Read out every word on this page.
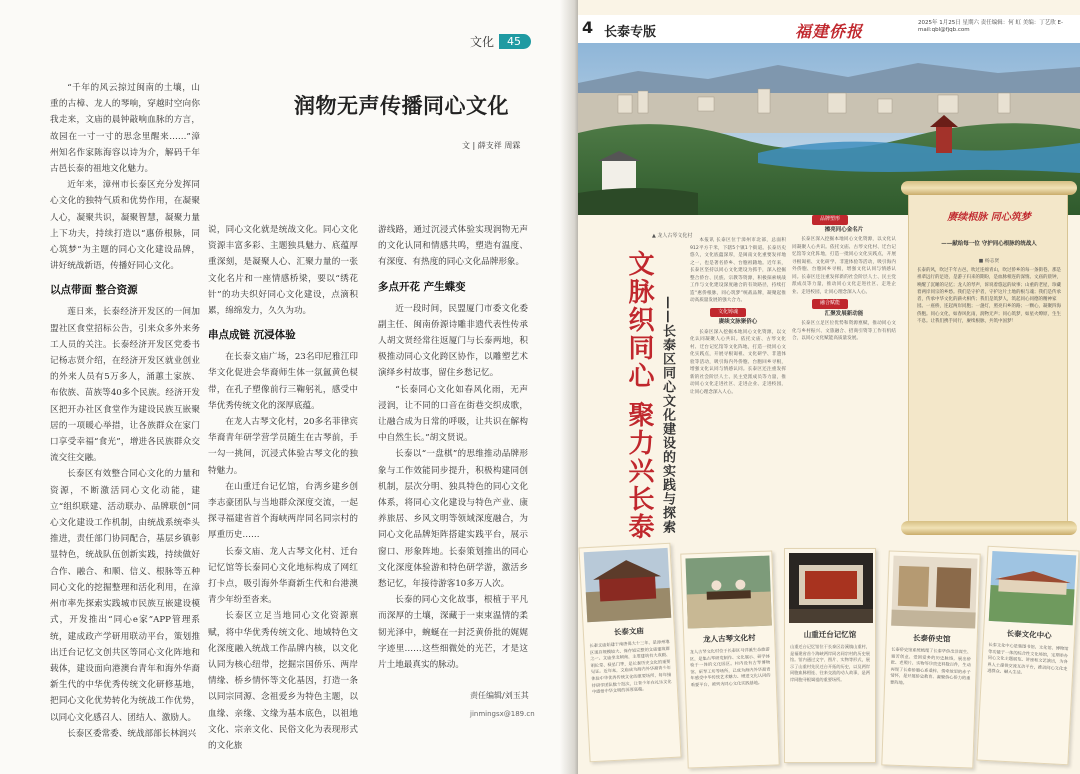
文化	45
润物无声传播同心文化
文 | 薛支祥 周霖

“千年的风云掠过闽南的土壤，山重的古樟、龙人的琴响，穿越时空向你我走来，文庙的晨钟敲响血脉的方言，故园在一寸一寸的思念里醒来……”漳州知名作家陈海容以诗为介，解码千年古邑长泰的祖地文化魅力。

近年来，漳州市长泰区充分发挥同心文化的独特气质和优势作用，在凝聚人心，凝聚共识，凝聚智慧，凝聚力量上下功夫，持续打造以“惠侨根脉，同心筑梦”为主题的同心文化建设品牌，讲好统战新语，传播好同心文化。

以点带面 整合资源

莲日来，长泰经济开发区的一间加盟社区食堂招标公告，引来众多外来务工人员的关注。长泰经济开发区党委书记杨志贤介绍，在经济开发区就业创业的外来人员有5万多人，涌蕙土家族、布依族、苗族等40多个民族。经济开发区把开办社区食堂作为建设民族互嵌聚居的一项暖心举措，让各族群众在家门口享受幸福“食光”，增进各民族群众交流交往交融。

长泰区有效整合同心文化的力量和资源，不断激活同心文化动能，建立“组织联建、活动联办、品牌联创”同心文化建设工作机制，由统战系统牵头推进，责任部门协同配合，基层乡镇彰显特色，统战队伍创新实践，持续做好合作、融合、和顺、信义、根脉等五种同心文化的挖掘整理和活化利用，在漳州市率先探索实践城市民族互嵌建设模式，开发推出“同心e家”APP管理系统，建成政产学研用联动平台，策划推出迁台记忆文创共区等同心文化阵地和载体，建设面向港澳台青年和海外华裔新生代的中华优秀传统文化研修基地，把同心文化优势转化为统战工作优势，以同心文化感召人、团结人、激励人。

长泰区委常委、统战部部长林润兴

说，同心文化就是统战文化。同心文化资源丰富多彩、主题独具魅力、底蕴厚重深刻，是凝聚人心、汇聚力量的一张文化名片和一座情感桥梁，要以“绣花针”的功夫织好同心文化建设，点滴积累，绵绵发力，久久为功。

串点成链 沉浸体验

在长泰文庙广场，23名印尼雅江印华文化促进会华裔师生体一氛氲黄色棂带，在孔子塑像前行三鞠躬礼，感受中华优秀传统文化的深厚底蕴。

在龙人古琴文化村，20多名菲律宾华裔青年研学营学员随生在古琴前，手一勾一挑间，沉浸式体验古琴文化的独特魅力。

在山重迁台记忆馆，台湾乡建乡创李志豪团队与当地群众深度交流，一起探寻福建省首个海峡两岸同名同宗村的厚重历史……

长泰文庙、龙人古琴文化村、迁台记忆馆等长泰同心文化地标构成了网红打卡点，吸引海外华裔新生代和台港澳青少年纷至沓来。

长泰区立足当地同心文化资源禀赋，将中华优秀传统文化、地域特色文化深度融入统战工作品牌内核，以文化认同为核心纽带，挖掘宗国侨乐、两岸情缘、桥乡情怀等文化基因，打造一条以同宗同源、念祖爱乡为特色主题，以血缘、亲缘、文缘为基本底色，以祖地文化、宗亲文化、民俗文化为表现形式的文化旅

游线路，通过沉浸式体验实现润物无声的文化认同和情感共鸣，塑造有温度、有深度、有热度的同心文化品牌形象。

多点开花 产生蝶变

近一段时间，民盟厦门市委文化委副主任、闽南侨源诗雕非遗代表性传承人胡文贤经常往返厦门与长泰两地，积极推动同心文化跨区协作，以雕塑艺术演绎乡村故事，留住乡愁记忆。

“长泰同心文化如春风化雨，无声浸润，让不同的口音在街巷交织成歌，让融合成为日常的呼吸，让共识在解构中自然生长。”胡文贤说。

长泰以“一盘棋”的思维推动品牌形象与工作效能同步提升，积极构建同创机制，层次分明、独具特色的同心文化体系，将同心文化建设与特色产业、康养旅居、乡风文明等领域深度融合，为同心文化品牌矩阵搭建实践平台，展示窗口、形象阵地。长泰策划推出的同心文化深度体验游和特色研学游，激活乡愁记忆，年接待游客10多万人次。

长泰的同心文化故事，根植于平凡而深厚的土壤，深藏于一束束温情的柔韧光泽中，蜿蜒在一封泛黄侨批的娓娓字迹里……这些细微处的光芒，才是这片土地最真实的脉动。

责任编辑/刘玉其
jinmingsx@189.cn
4 长泰专版	福建侨报	2025年 1月25日 星期六 责任编辑：何 虹 美编：丁艺欣 E-mail:qbl@fjqb.com
▲ 龙人古琴文化村
文脉织同心 聚力兴长泰 ——长泰区同心文化建设的实践与探索

本报讯 长泰区位于漳州市北部，总面积912平方千米，下辖5个镇1个街道。长泰历史悠久，文化底蕴深厚，是闽南文化重要发祥地之一，也是著名侨乡、台胞祖籍地。近年来，长泰区坚持以同心文化建设为抓手，深入挖掘整合侨台、民族、宗教等资源，积极探索统战工作与文化建设深度融合的有效路径，持续打造“惠侨根脉，同心筑梦”统战品牌，凝聚起推动高质量发展的强大合力。

文化铸魂
赓续文脉聚侨心

长泰区深入挖掘本地同心文化资源，以文化认同凝聚人心共识。依托文庙、古琴文化村、迁台记忆馆等文化阵地，打造一批同心文化实践点，开展寻根谒祖、文化研学、非遗体验等活动，吸引海内外侨胞、台胞回乡寻根，增强文化认同与情感认同。长泰区还注重发挥新的社会阶层人士、民主党派成员等力量，推动同心文化走进社区、走进企业、走进校园，让同心理念深入人心。

品牌塑形
擦亮同心金名片

长泰区深入挖掘本地同心文化资源，以文化认同凝聚人心共识。依托文庙、古琴文化村、迁台记忆馆等文化阵地，打造一批同心文化实践点，开展寻根谒祖、文化研学、非遗体验等活动，吸引海内外侨胞、台胞回乡寻根，增强文化认同与情感认同。长泰区还注重发挥新的社会阶层人士、民主党派成员等力量，推动同心文化走进社区、走进企业、走进校园，让同心理念深入人心。

融合赋能
汇聚发展新动能

长泰区立足区位优势和资源禀赋，推动同心文化与乡村振兴、文旅融合、招商引资等工作有机结合，以同心文化赋能高质量发展。

赓续根脉 同心筑梦
——献给每一位 守护同心根脉的统战人
■ 杨志贤
长泰的风，吹过千年古邑，吹过连绵青山，吹过侨乡的每一条街巷。那是祖辈远行的足迹，是游子归来的期盼，是血脉相连的深情。文庙的晨钟，唤醒了沉睡的记忆；龙人的琴声，诉说着悠远的故事；山重的老屋，珍藏着两岸同宗的乡愁。我们是守护者，守护这片土地的根与魂；我们是传承者，传承中华文化的薪火相传；我们是筑梦人，筑起同心同德的精神家园。一座桥，连起两岸同胞；一盏灯，照亮归乡的路；一颗心，凝聚四海侨胞。同心文化，如春风化雨，润物无声；同心筑梦，如星火燎原，生生不息。让我们携手同行，赓续根脉，共筑中国梦！
长泰文庙
长泰文庙始建于南唐保大十三年，是漳州地区现存规模较大、保存较完整的文庙建筑群之一。文庙坐北朝南，主要建筑有大成殿、明伦堂、棂星门等，是长泰历史文化的重要见证。近年来，文庙成为海内外华裔青少年体验中华优秀传统文化的重要场所，每年接待研学团队数十批次，让青少年在礼乐文化中感悟中华文明的深厚底蕴。
龙人古琴文化村
龙人古琴文化村位于长泰区马洋溪生态旅游区，是集古琴研发制作、文化展示、研学体验于一体的文化园区。村内设有古琴博物馆、斫琴工坊等场所，已成为海内外华裔青年感受中华传统艺术魅力、增进文化认同的重要平台，被列为同心文化实践基地。
山重迁台记忆馆
山重迁台记忆馆位于长泰区岩溪镇山重村，是福建省首个海峡两岸同名同宗村的历史展馆。馆内通过文字、图片、实物等形式，展示了山重村先民迁台开拓的历史，以及两岸同胞血脉相连、往来交流的动人故事，是两岸同胞寻根谒祖的重要场所。
长泰侨史馆
长泰侨史馆系统梳理了长泰华侨出洋谋生、艰苦创业、爱国爱乡的历史脉络，展出侨批、老照片、实物等珍贵史料数百件，生动再现了长泰侨胞心系桑梓、情牵故里的赤子情怀，是开展侨史教育、凝聚侨心侨力的重要阵地。
长泰文化中心
长泰文化中心是集图书馆、文化馆、博物馆等功能于一体的综合性文化场馆，定期举办同心文化主题展览、讲座和文艺演出，为各界人士提供交流互动平台，推动同心文化走进群众、融入生活。
